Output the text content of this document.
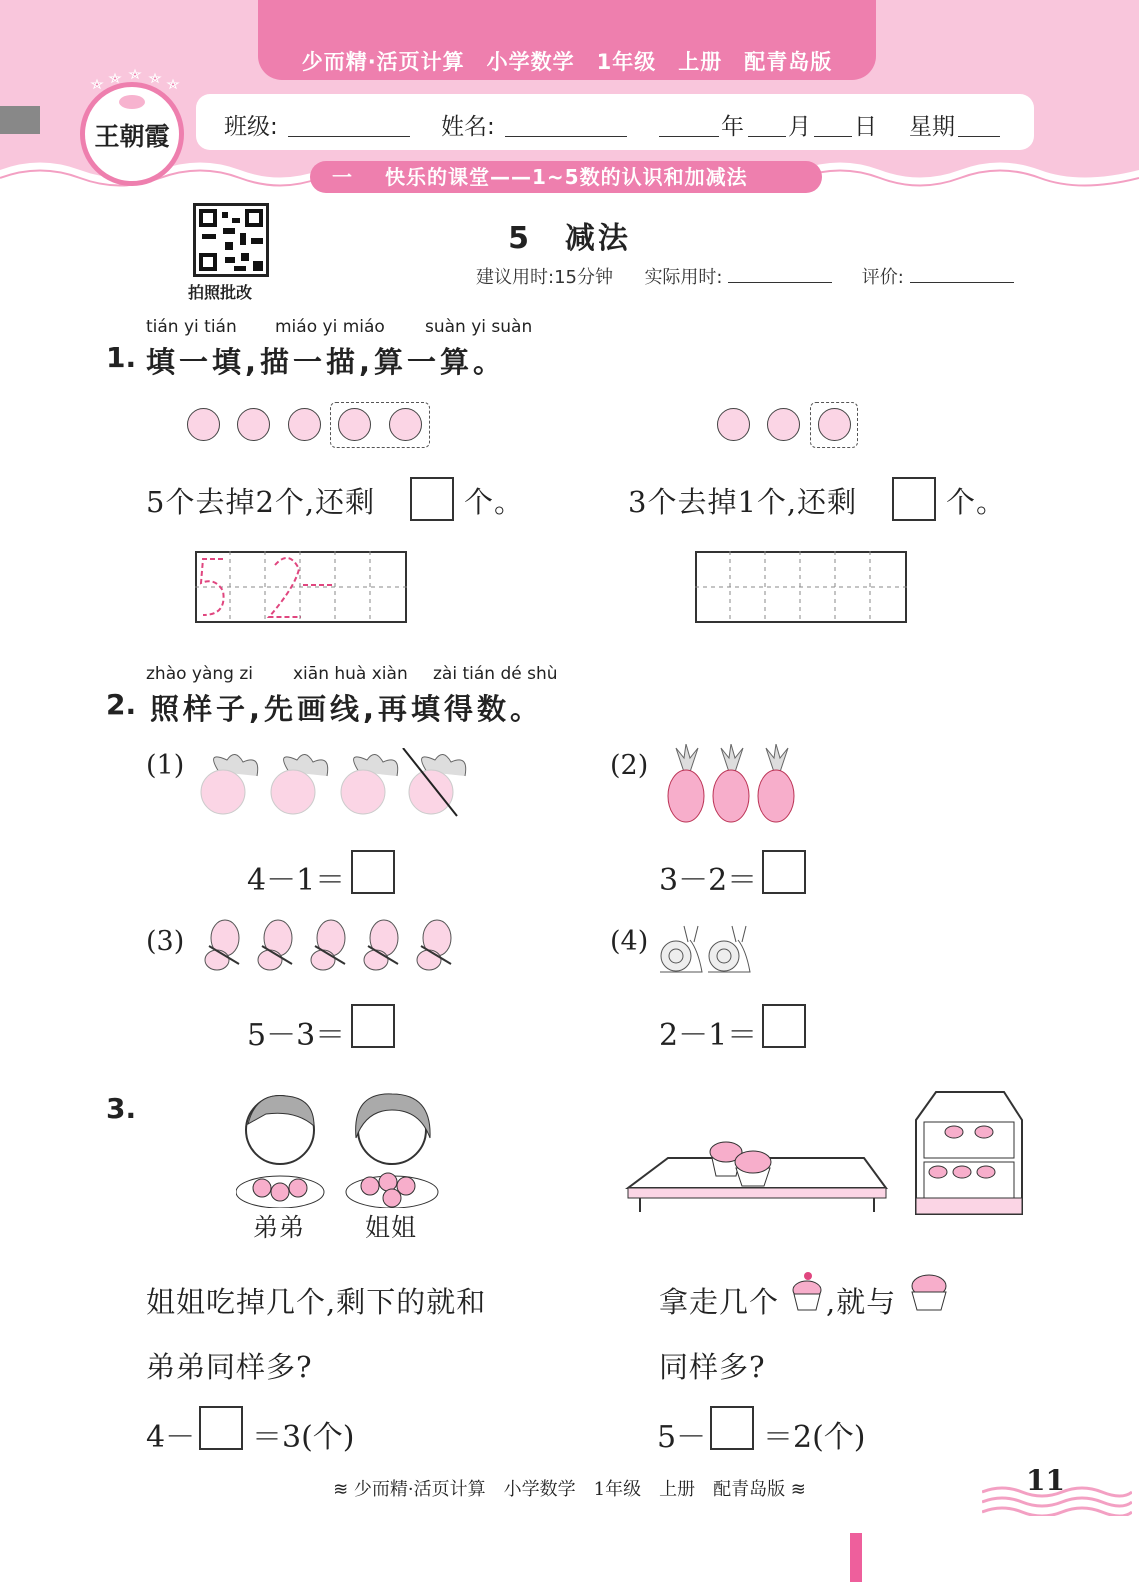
少而精·活页计算　小学数学　1年级　上册　配青岛版
班级:	姓名:	年 月 日 星期
一 快乐的课堂——1~5数的认识和加减法
王朝霞
拍照批改
5　减法
建议用时:15分钟 实际用时:	评价:
tián yi tián miáo yi miáo suàn yi suàn
1. 填一填,描一描,算一算。
5个去掉2个,还剩	个。	3个去掉1个,还剩	个。
zhào yàng zi xiān huà xiàn zài tián dé shù
2. 照样子,先画线,再填得数。
(1)
4－1＝
(2)
3－2＝
(3)
5－3＝
(4)
2－1＝
3.
弟弟 姐姐
姐姐吃掉几个,剩下的就和
弟弟同样多?
4－ ＝3(个)
拿走几个 ,就与
同样多?
5－ ＝2(个)
≋ 少而精·活页计算　小学数学　1年级　上册　配青岛版 ≋	11
